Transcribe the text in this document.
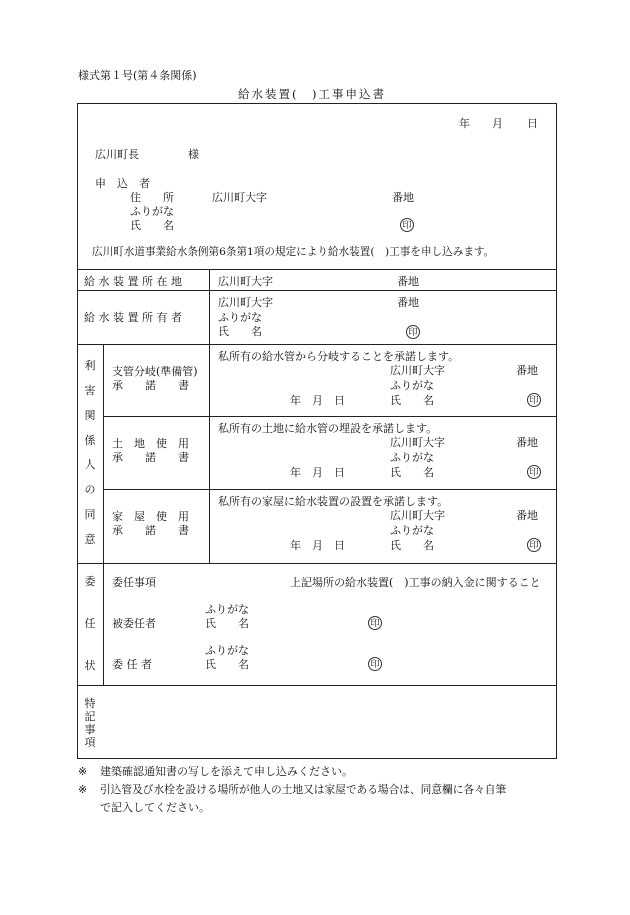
様式第１号(第４条関係)
給水装置(　)工事申込書
年 月 日
広川町長	様
申　込　者
住　　所	広川町大字	番地
ふりがな
氏　　名	印
広川町水道事業給水条例第6条第1項の規定により給水装置(　)工事を申し込みます。
給 水 装 置 所 在 地	広川町大字	番地
給 水 装 置 所 有 者
広川町大字	番地
ふりがな
氏　　名	印
利
害
関
係
人
の
同
意
支管分岐(準備管)
承　　諾　　書
私所有の給水管から分岐することを承諾します。
広川町大字	番地
ふりがな
年　月　日	氏　　名	印
土　地　使　用
承　　諾　　書
私所有の土地に給水管の埋設を承諾します。
広川町大字	番地
ふりがな
年　月　日	氏　　名	印
家　屋　使　用
承　　諾　　書
私所有の家屋に給水装置の設置を承諾します。
広川町大字	番地
ふりがな
年　月　日	氏　　名	印
委
任
状
委任事項	上記場所の給水装置(　)工事の納入金に関すること
ふりがな
被委任者	氏　　名	印
ふりがな
委 任 者	氏　　名	印
特
記
事
項
※ 建築確認通知書の写しを添えて申し込みください。
※ 引込管及び水栓を設ける場所が他人の土地又は家屋である場合は、同意欄に各々自筆
で記入してください。
